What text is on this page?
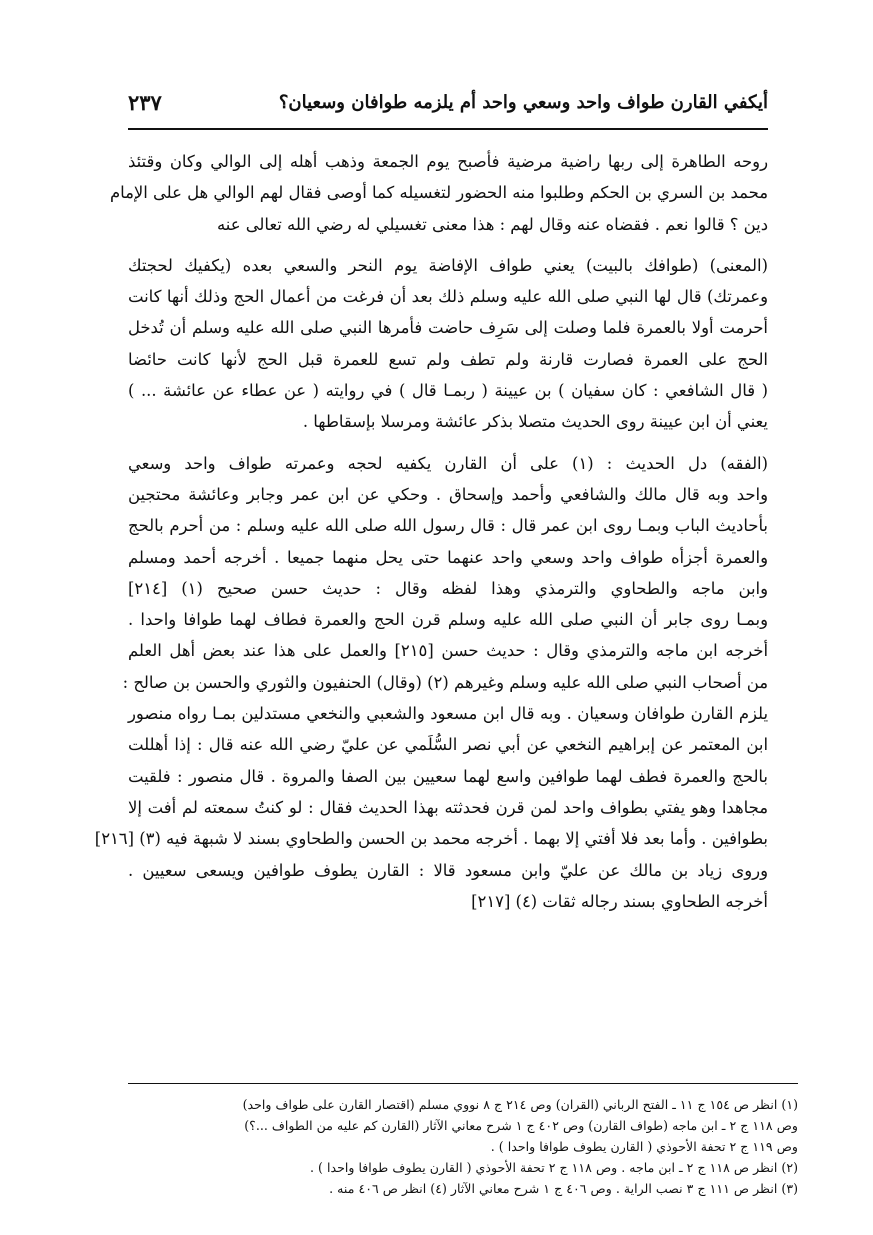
أيكفي القارن طواف واحد وسعي واحد أم يلزمه طوافان وسعيان؟
٢٣٧
روحه الطاهرة إلى ربها راضية مرضية فأصبح يوم الجمعة وذهب أهله إلى الوالي وكان وقتئذ
محمد بن السري بن الحكم وطلبوا منه الحضور لتغسيله كما أوصى فقال لهم الوالي هل على الإمام
دين ؟ قالوا نعم . فقضاه عنه وقال لهم : هذا معنى تغسيلي له رضي الله تعالى عنه
(المعنى) (طوافك بالبيت) يعني طواف الإفاضة يوم النحر والسعي بعده (يكفيك لحجتك
وعمرتك) قال لها النبي صلى الله عليه وسلم ذلك بعد أن فرغت من أعمال الحج وذلك أنها كانت
أحرمت أولا بالعمرة فلما وصلت إلى سَرِف حاضت فأمرها النبي صلى الله عليه وسلم أن تُدخل
الحج على العمرة فصارت قارنة ولم تطف ولم تسع للعمرة قبل الحج لأنها كانت حائضا
( قال الشافعي : كان سفيان ) بن عيينة ( ربمـا قال ) في روايته ( عن عطاء عن عائشة ... )
يعني أن ابن عيينة روى الحديث متصلا بذكر عائشة ومرسلا بإسقاطها .
(الفقه) دل الحديث : (١) على أن القارن يكفيه لحجه وعمرته طواف واحد وسعي
واحد وبه قال مالك والشافعي وأحمد وإسحاق . وحكي عن ابن عمر وجابر وعائشة محتجين
بأحاديث الباب وبمـا روى ابن عمر قال : قال رسول الله صلى الله عليه وسلم : من أحرم بالحج
والعمرة أجزأه طواف واحد وسعي واحد عنهما حتى يحل منهما جميعا . أخرجه أحمد ومسلم
وابن ماجه والطحاوي والترمذي وهذا لفظه وقال : حديث حسن صحيح (١) [٢١٤]
وبمـا روى جابر أن النبي صلى الله عليه وسلم قرن الحج والعمرة فطاف لهما طوافا واحدا .
أخرجه ابن ماجه والترمذي وقال : حديث حسن [٢١٥] والعمل على هذا عند بعض أهل العلم
من أصحاب النبي صلى الله عليه وسلم وغيرهم (٢) (وقال) الحنفيون والثوري والحسن بن صالح :
يلزم القارن طوافان وسعيان . وبه قال ابن مسعود والشعبي والنخعي مستدلين بمـا رواه منصور
ابن المعتمر عن إبراهيم النخعي عن أبي نصر السُّلَمي عن عليّ رضي الله عنه قال : إذا أهللت
بالحج والعمرة فطف لهما طوافين واسع لهما سعيين بين الصفا والمروة . قال منصور : فلقيت
مجاهدا وهو يفتي بطواف واحد لمن قرن فحدثته بهذا الحديث فقال : لو كنتُ سمعته لم أفت إلا
بطوافين . وأما بعد فلا أفتي إلا بهما . أخرجه محمد بن الحسن والطحاوي بسند لا شبهة فيه (٣) [٢١٦]
وروى زياد بن مالك عن عليّ وابن مسعود قالا : القارن يطوف طوافين ويسعى سعيين .
أخرجه الطحاوي بسند رجاله ثقات (٤) [٢١٧]
(١) انظر ص ١٥٤ ج ١١ ـ الفتح الرباني (القران) وص ٢١٤ ج ٨ نووي مسلم (اقتصار القارن على طواف واحد)
وص ١١٨ ج ٢ ـ ابن ماجه (طواف القارن) وص ٤٠٢ ج ١ شرح معاني الآثار (القارن كم عليه من الطواف ...؟)
وص ١١٩ ج ٢ تحفة الأحوذي ( القارن يطوف طوافا واحدا ) .
(٢) انظر ص ١١٨ ج ٢ ـ ابن ماجه . وص ١١٨ ج ٢ تحفة الأحوذي ( القارن يطوف طوافا واحدا ) .
(٣) انظر ص ١١١ ج ٣ نصب الراية . وص ٤٠٦ ج ١ شرح معاني الآثار (٤) انظر ص ٤٠٦ منه .
